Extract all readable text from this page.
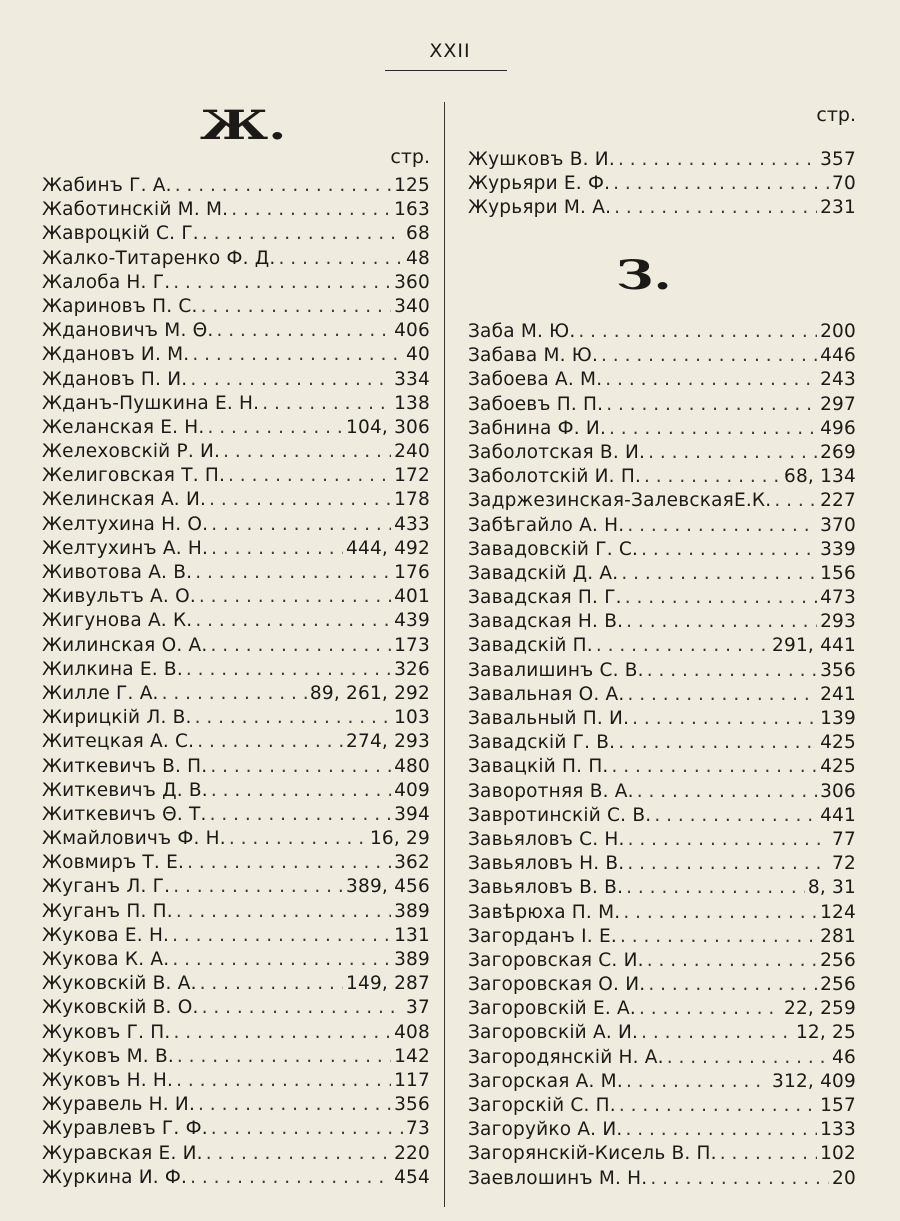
XXII
Ж.
стр.
Жабинъ Г. А. . . .	125
Жаботинскій М. М. . . .	163
Жавроцкій С. Г. . . .	68
Жалко-Титаренко Ф. Д. . . .	48
Жалоба Н. Г. . . .	360
Жариновъ П. С. . . .	340
Ждановичъ М. Θ. . . .	406
Ждановъ И. М. . . .	40
Ждановъ П. И. . . .	334
Жданъ-Пушкина Е. Н. . . .	138
Желанская Е. Н. . . .	104, 306
Желеховскій Р. И. . . .	240
Желиговская Т. П. . . .	172
Желинская А. И. . . .	178
Желтухина Н. О. . . .	433
Желтухинъ А. Н. . . .	444, 492
Животова А. В. . . .	176
Живультъ А. О. . . .	401
Жигунова А. К. . . .	439
Жилинская О. А. . . .	173
Жилкина Е. В. . . .	326
Жилле Г. А. . . .	89, 261, 292
Жирицкій Л. В. . . .	103
Житецкая А. С. . . .	274, 293
Житкевичъ В. П. . . .	480
Житкевичъ Д. В. . . .	409
Житкевичъ Θ. Т. . . .	394
Жмайловичъ Ф. Н. . . .	16, 29
Жовмиръ Т. Е. . . .	362
Жуганъ Л. Г. . . .	389, 456
Жуганъ П. П. . . .	389
Жукова Е. Н. . . .	131
Жукова К. А. . . .	389
Жуковскій В. А. . . .	149, 287
Жуковскій В. О. . . .	37
Жуковъ Г. П. . . .	408
Жуковъ М. В. . . .	142
Жуковъ Н. Н. . . .	117
Журавель Н. И. . . .	356
Журавлевъ Г. Ф. . . .	73
Журавская Е. И. . . .	220
Журкина И. Ф. . . .	454
стр.
Жушковъ В. И. . . .	357
Журьяри Е. Ф. . . .	70
Журьяри М. А. . . .	231
З.
Заба М. Ю. . . .	200
Забава М. Ю. . . .	446
Забоева А. М. . . .	243
Забоевъ П. П. . . .	297
Забнина Ф. И. . . .	496
Заболотская В. И. . . .	269
Заболотскій И. П. . . .	68, 134
Задржезинская-ЗалевскаяЕ.К. . . .	227
Забѣгайло А. Н. . . .	370
Завадовскій Г. С. . . .	339
Завадскій Д. А. . . .	156
Завадская П. Г. . . .	473
Завадская Н. В. . . .	293
Завадскій П. . . .	291, 441
Завалишинъ С. В. . . .	356
Завальная О. А. . . .	241
Завальный П. И. . . .	139
Завадскій Г. В. . . .	425
Завацкій П. П. . . .	425
Заворотняя В. А. . . .	306
Завротинскій С. В. . . .	441
Завьяловъ С. Н. . . .	77
Завьяловъ Н. В. . . .	72
Завьяловъ В. В. . . .	8, 31
Завѣрюха П. М. . . .	124
Загорданъ I. Е. . . .	281
Загоровская С. И. . . .	256
Загоровская О. И. . . .	256
Загоровскій Е. А. . . .	22, 259
Загоровскій А. И. . . .	12, 25
Загородянскій Н. А. . . .	46
Загорская А. М. . . .	312, 409
Загорскій С. П. . . .	157
Загоруйко А. И. . . .	133
Загорянскій-Кисель В. П. . . .	102
Заевлошинъ М. Н. . . .	20
